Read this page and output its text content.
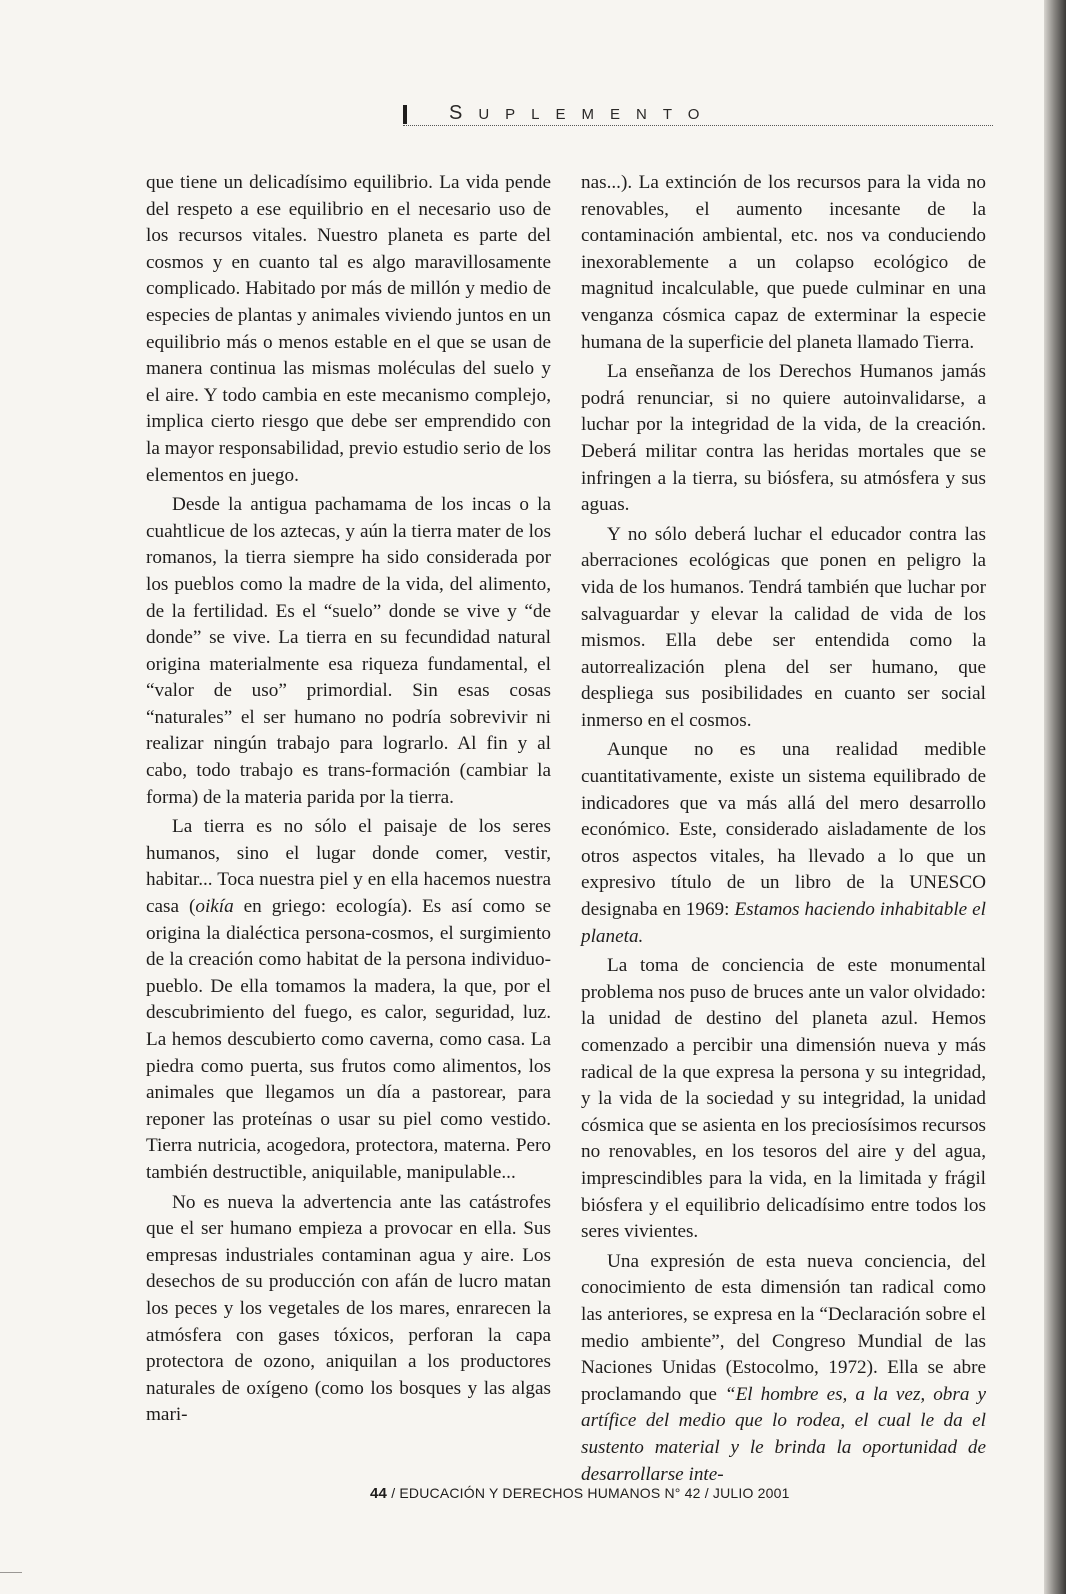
SUPLEMENTO

que tiene un delicadísimo equilibrio. La vida pende del respeto a ese equilibrio en el necesario uso de los recursos vitales. Nuestro planeta es parte del cosmos y en cuanto tal es algo maravillosamente complicado. Habitado por más de millón y medio de especies de plantas y animales viviendo juntos en un equilibrio más o menos estable en el que se usan de manera continua las mismas moléculas del suelo y el aire. Y todo cambia en este mecanismo complejo, implica cierto riesgo que debe ser emprendido con la mayor responsabilidad, previo estudio serio de los elementos en juego.

Desde la antigua pachamama de los incas o la cuahtlicue de los aztecas, y aún la tierra mater de los romanos, la tierra siempre ha sido considerada por los pueblos como la madre de la vida, del alimento, de la fertilidad. Es el “suelo” donde se vive y “de donde” se vive. La tierra en su fecundidad natural origina materialmente esa riqueza fundamental, el “valor de uso” primordial. Sin esas cosas “naturales” el ser humano no podría sobrevivir ni realizar ningún trabajo para lograrlo. Al fin y al cabo, todo trabajo es trans-formación (cambiar la forma) de la materia parida por la tierra.

La tierra es no sólo el paisaje de los seres humanos, sino el lugar donde comer, vestir, habitar... Toca nuestra piel y en ella hacemos nuestra casa (oikía en griego: ecología). Es así como se origina la dialéctica persona-cosmos, el surgimiento de la creación como habitat de la persona individuo-pueblo. De ella tomamos la madera, la que, por el descubrimiento del fuego, es calor, seguridad, luz. La hemos descubierto como caverna, como casa. La piedra como puerta, sus frutos como alimentos, los animales que llegamos un día a pastorear, para reponer las proteínas o usar su piel como vestido. Tierra nutricia, acogedora, protectora, materna. Pero también destructible, aniquilable, manipulable...

No es nueva la advertencia ante las catástrofes que el ser humano empieza a provocar en ella. Sus empresas industriales contaminan agua y aire. Los desechos de su producción con afán de lucro matan los peces y los vegetales de los mares, enrarecen la atmósfera con gases tóxicos, perforan la capa protectora de ozono, aniquilan a los productores naturales de oxígeno (como los bosques y las algas mari-

nas...). La extinción de los recursos para la vida no renovables, el aumento incesante de la contaminación ambiental, etc. nos va conduciendo inexorablemente a un colapso ecológico de magnitud incalculable, que puede culminar en una venganza cósmica capaz de exterminar la especie humana de la superficie del planeta llamado Tierra.

La enseñanza de los Derechos Humanos jamás podrá renunciar, si no quiere autoinvalidarse, a luchar por la integridad de la vida, de la creación. Deberá militar contra las heridas mortales que se infringen a la tierra, su biósfera, su atmósfera y sus aguas.

Y no sólo deberá luchar el educador contra las aberraciones ecológicas que ponen en peligro la vida de los humanos. Tendrá también que luchar por salvaguardar y elevar la calidad de vida de los mismos. Ella debe ser entendida como la autorrealización plena del ser humano, que despliega sus posibilidades en cuanto ser social inmerso en el cosmos.

Aunque no es una realidad medible cuantitativamente, existe un sistema equilibrado de indicadores que va más allá del mero desarrollo económico. Este, considerado aisladamente de los otros aspectos vitales, ha llevado a lo que un expresivo título de un libro de la UNESCO designaba en 1969: Estamos haciendo inhabitable el planeta.

La toma de conciencia de este monumental problema nos puso de bruces ante un valor olvidado: la unidad de destino del planeta azul. Hemos comenzado a percibir una dimensión nueva y más radical de la que expresa la persona y su integridad, y la vida de la sociedad y su integridad, la unidad cósmica que se asienta en los preciosísimos recursos no renovables, en los tesoros del aire y del agua, imprescindibles para la vida, en la limitada y frágil biósfera y el equilibrio delicadísimo entre todos los seres vivientes.

Una expresión de esta nueva conciencia, del conocimiento de esta dimensión tan radical como las anteriores, se expresa en la “Declaración sobre el medio ambiente”, del Congreso Mundial de las Naciones Unidas (Estocolmo, 1972). Ella se abre proclamando que “El hombre es, a la vez, obra y artífice del medio que lo rodea, el cual le da el sustento material y le brinda la oportunidad de desarrollarse inte-

44 / EDUCACIÓN Y DERECHOS HUMANOS N° 42 / JULIO 2001
